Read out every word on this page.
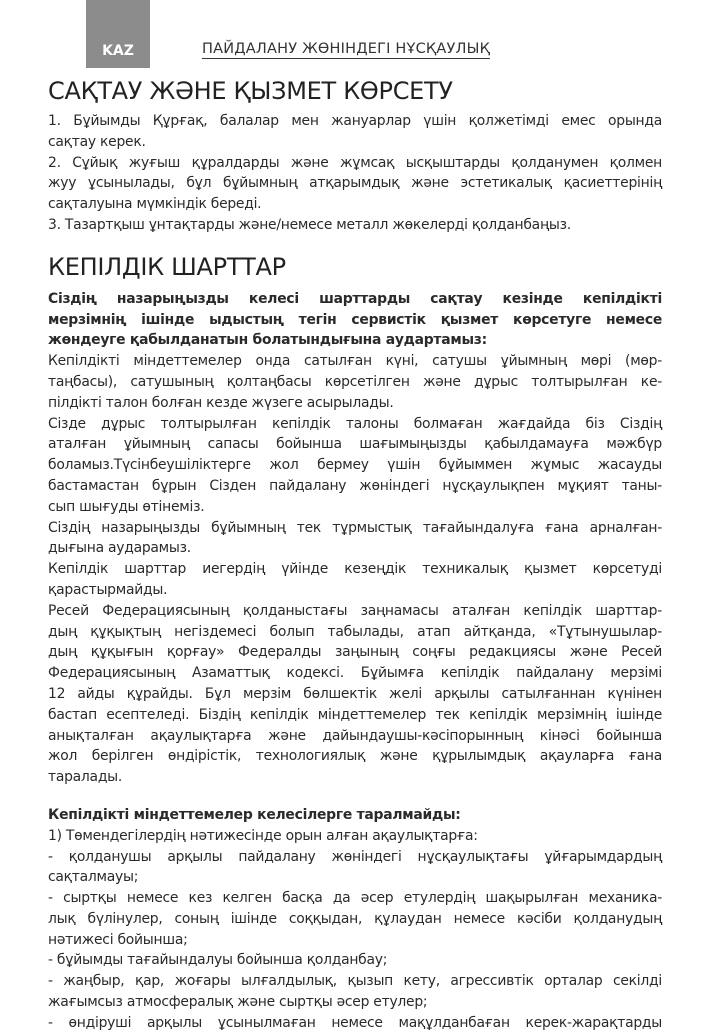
KAZ	ПАЙДАЛАНУ ЖӨНІНДЕГІ НҰСҚАУЛЫҚ
САҚТАУ ЖӘНЕ ҚЫЗМЕТ КӨРСЕТУ

1. Бұйымды Құрғақ, балалар мен жануарлар үшін қолжетімді емес орында
сақтау керек.
2. Сұйық жуғыш құралдарды және жұмсақ ысқыштарды қолданумен қолмен
жуу ұсынылады, бұл бұйымның атқарымдық және эстетикалық қасиеттерінің
сақталуына мүмкіндік береді.
3. Тазартқыш ұнтақтарды және/немесе металл жөкелерді қолданбаңыз.

КЕПІЛДІК ШАРТТАР

Сіздің назарыңызды келесі шарттарды сақтау кезінде кепілдікті
мерзімнің ішінде ыдыстың тегін сервистік қызмет көрсетуге немесе
жөндеуге қабылданатын болатындығына аудартамыз:

Кепілдікті міндеттемелер онда сатылған күні, сатушы ұйымның мөрі (мөр-
таңбасы), сатушының қолтаңбасы көрсетілген және дұрыс толтырылған ке-
пілдікті талон болған кезде жүзеге асырылады.
Сізде дұрыс толтырылған кепілдік талоны болмаған жағдайда біз Сіздің
аталған ұйымның сапасы бойынша шағымыңызды қабылдамауға мәжбүр
боламыз.Түсінбеушіліктерге жол бермеу үшін бұйыммен жұмыс жасауды
бастамастан бұрын Сізден пайдалану жөніндегі нұсқаулықпен мұқият таны-
сып шығуды өтінеміз.
Сіздің назарыңызды бұйымның тек тұрмыстық тағайындалуға ғана арналған-
дығына аударамыз.
Кепілдік шарттар иегердің үйінде кезеңдік техникалық қызмет көрсетуді
қарастырмайды.
Ресей Федерациясының қолданыстағы заңнамасы аталған кепілдік шарттар-
дың құқықтың негіздемесі болып табылады, атап айтқанда, «Тұтынушылар-
дың құқығын қорғау» Федералды заңының соңғы редакциясы және Ресей
Федерациясының Азаматтық кодексі. Бұйымға кепілдік пайдалану мерзімі
12 айды құрайды. Бұл мерзім бөлшектік желі арқылы сатылғаннан күнінен
бастап есептеледі. Біздің кепілдік міндеттемелер тек кепілдік мерзімнің ішінде
анықталған ақаулықтарға және дайындаушы-кәсіпорынның кінәсі бойынша
жол берілген өндірістік, технологиялық және құрылымдық ақауларға ғана
таралады.

Кепілдікті міндеттемелер келесілерге таралмайды:

1) Төмендегілердің нәтижесінде орын алған ақаулықтарға:
- қолданушы арқылы пайдалану жөніндегі нұсқаулықтағы ұйғарымдардың
сақталмауы;
- сыртқы немесе кез келген басқа да әсер етулердің шақырылған механика-
лық бүлінулер, соның ішінде соққыдан, құлаудан немесе кәсіби қолданудың
нәтижесі бойынша;
- бұйымды тағайындалуы бойынша қолданбау;
- жаңбыр, қар, жоғары ылғалдылық, қызып кету, агрессивтік орталар секілді
жағымсыз атмосфералық және сыртқы әсер етулер;
- өндіруші арқылы ұсынылмаған немесе мақұлданбаған керек-жарақтарды
